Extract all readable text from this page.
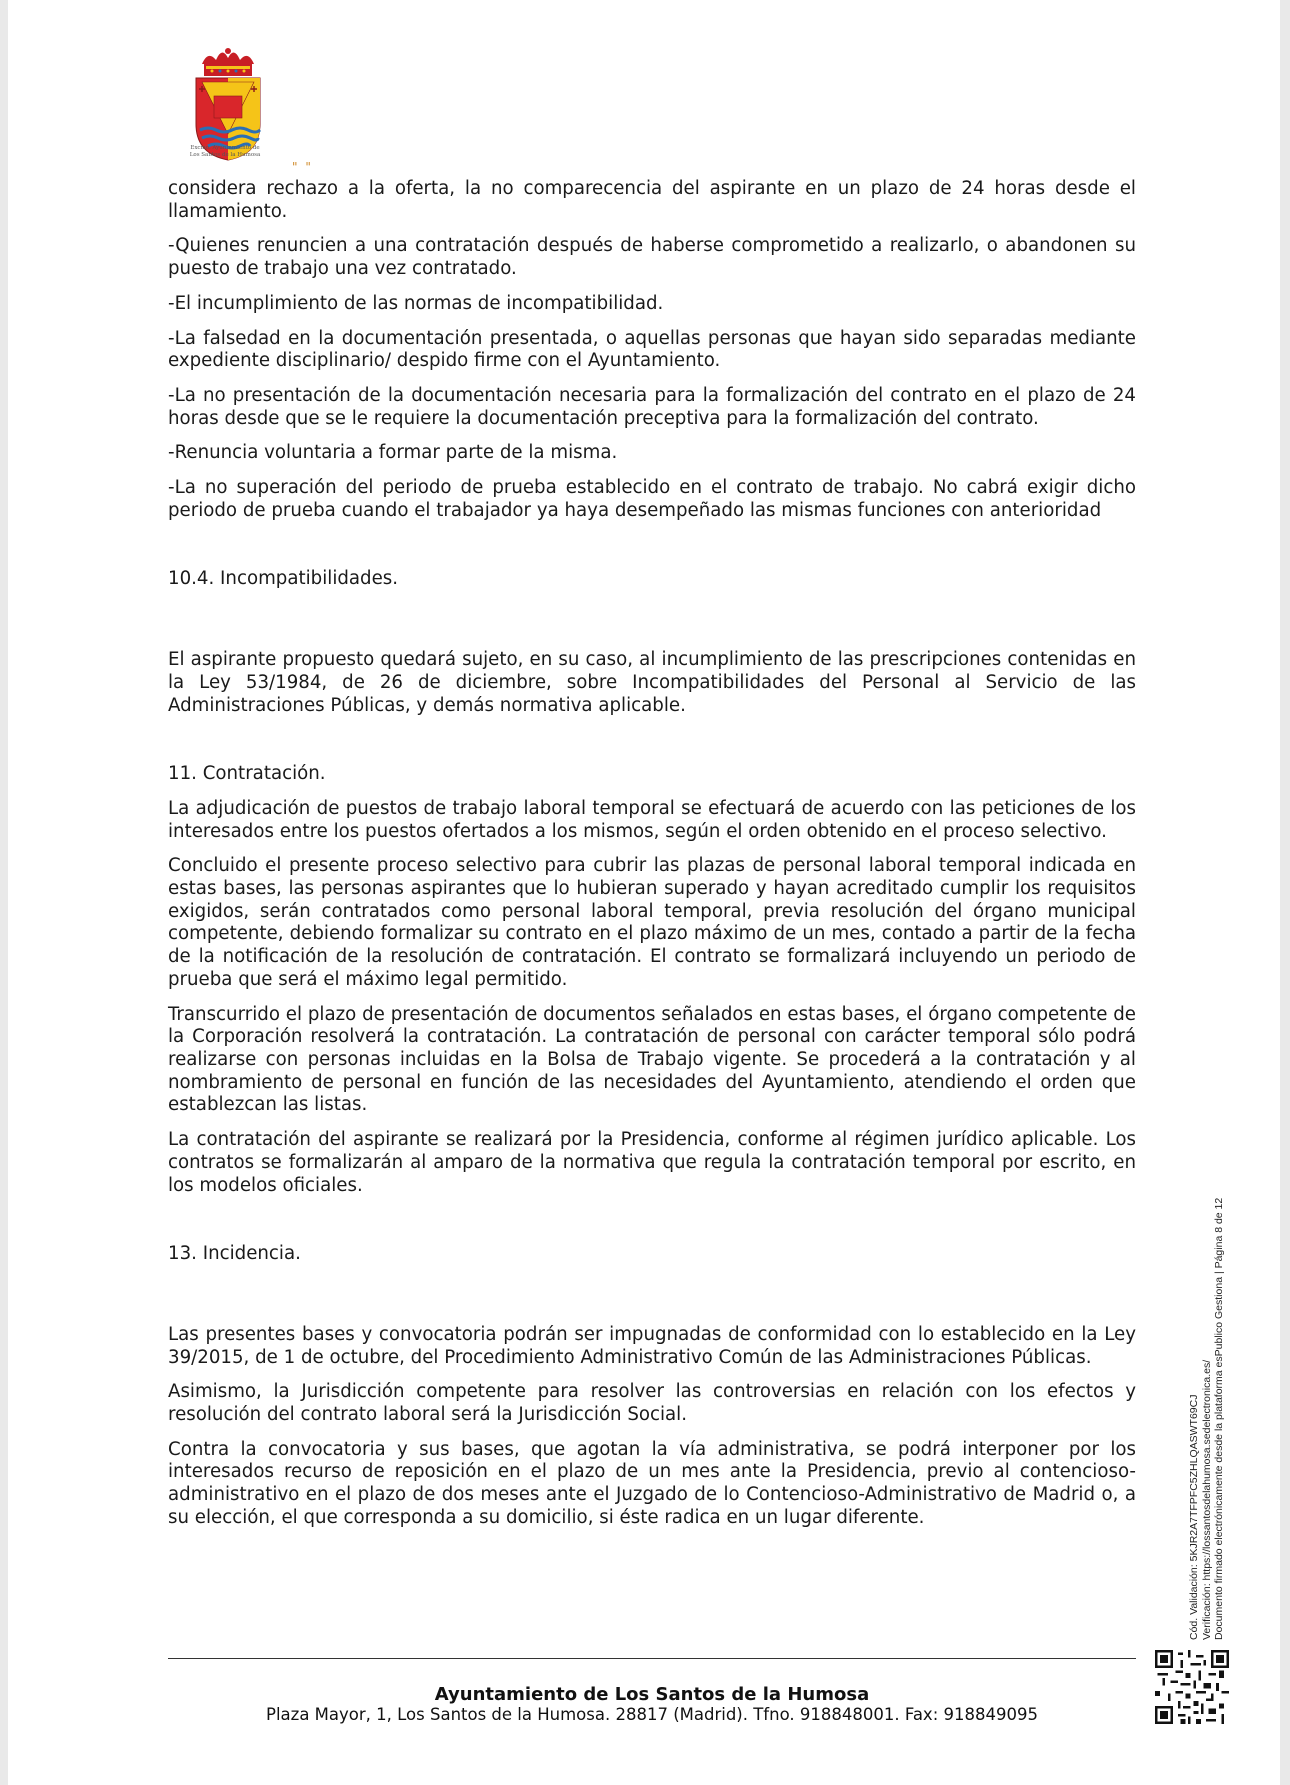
Excmo. Ayuntamiento de
Los Santos de la Humosa
" "

considera rechazo a la oferta, la no comparecencia del aspirante en un plazo de 24 horas desde el llamamiento.

-Quienes renuncien a una contratación después de haberse comprometido a realizarlo, o abandonen su puesto de trabajo una vez contratado.

-El incumplimiento de las normas de incompatibilidad.

-La falsedad en la documentación presentada, o aquellas personas que hayan sido separadas mediante expediente disciplinario/ despido firme con el Ayuntamiento.

-La no presentación de la documentación necesaria para la formalización del contrato en el plazo de 24 horas desde que se le requiere la documentación preceptiva para la formalización del contrato.

-Renuncia voluntaria a formar parte de la misma.

-La no superación del periodo de prueba establecido en el contrato de trabajo. No cabrá exigir dicho periodo de prueba cuando el trabajador ya haya desempeñado las mismas funciones con anterioridad

10.4. Incompatibilidades.

El aspirante propuesto quedará sujeto, en su caso, al incumplimiento de las prescripciones contenidas en la Ley 53/1984, de 26 de diciembre, sobre Incompatibilidades del Personal al Servicio de las Administraciones Públicas, y demás normativa aplicable.

11. Contratación.

La adjudicación de puestos de trabajo laboral temporal se efectuará de acuerdo con las peticiones de los interesados entre los puestos ofertados a los mismos, según el orden obtenido en el proceso selectivo.

Concluido el presente proceso selectivo para cubrir las plazas de personal laboral temporal indicada en estas bases, las personas aspirantes que lo hubieran superado y hayan acreditado cumplir los requisitos exigidos, serán contratados como personal laboral temporal, previa resolución del órgano municipal competente, debiendo formalizar su contrato en el plazo máximo de un mes, contado a partir de la fecha de la notificación de la resolución de contratación. El contrato se formalizará incluyendo un periodo de prueba que será el máximo legal permitido.

Transcurrido el plazo de presentación de documentos señalados en estas bases, el órgano competente de la Corporación resolverá la contratación. La contratación de personal con carácter temporal sólo podrá realizarse con personas incluidas en la Bolsa de Trabajo vigente. Se procederá a la contratación y al nombramiento de personal en función de las necesidades del Ayuntamiento, atendiendo el orden que establezcan las listas.

La contratación del aspirante se realizará por la Presidencia, conforme al régimen jurídico aplicable. Los contratos se formalizarán al amparo de la normativa que regula la contratación temporal por escrito, en los modelos oficiales.

13. Incidencia.

Las presentes bases y convocatoria podrán ser impugnadas de conformidad con lo establecido en la Ley 39/2015, de 1 de octubre, del Procedimiento Administrativo Común de las Administraciones Públicas.

Asimismo, la Jurisdicción competente para resolver las controversias en relación con los efectos y resolución del contrato laboral será la Jurisdicción Social.

Contra la convocatoria y sus bases, que agotan la vía administrativa, se podrá interponer por los interesados recurso de reposición en el plazo de un mes ante la Presidencia, previo al contencioso-administrativo en el plazo de dos meses ante el Juzgado de lo Contencioso-Administrativo de Madrid o, a su elección, el que corresponda a su domicilio, si éste radica en un lugar diferente.

Ayuntamiento de Los Santos de la Humosa
Plaza Mayor, 1, Los Santos de la Humosa. 28817 (Madrid). Tfno. 918848001. Fax: 918849095
Cód. Validación: 5KJR2A7TFPFC5ZHLQASWT69CJ Verificación: https://lossantosdelahumosa.sedelectronica.es/ Documento firmado electrónicamente desde la plataforma esPublico Gestiona | Página 8 de 12
